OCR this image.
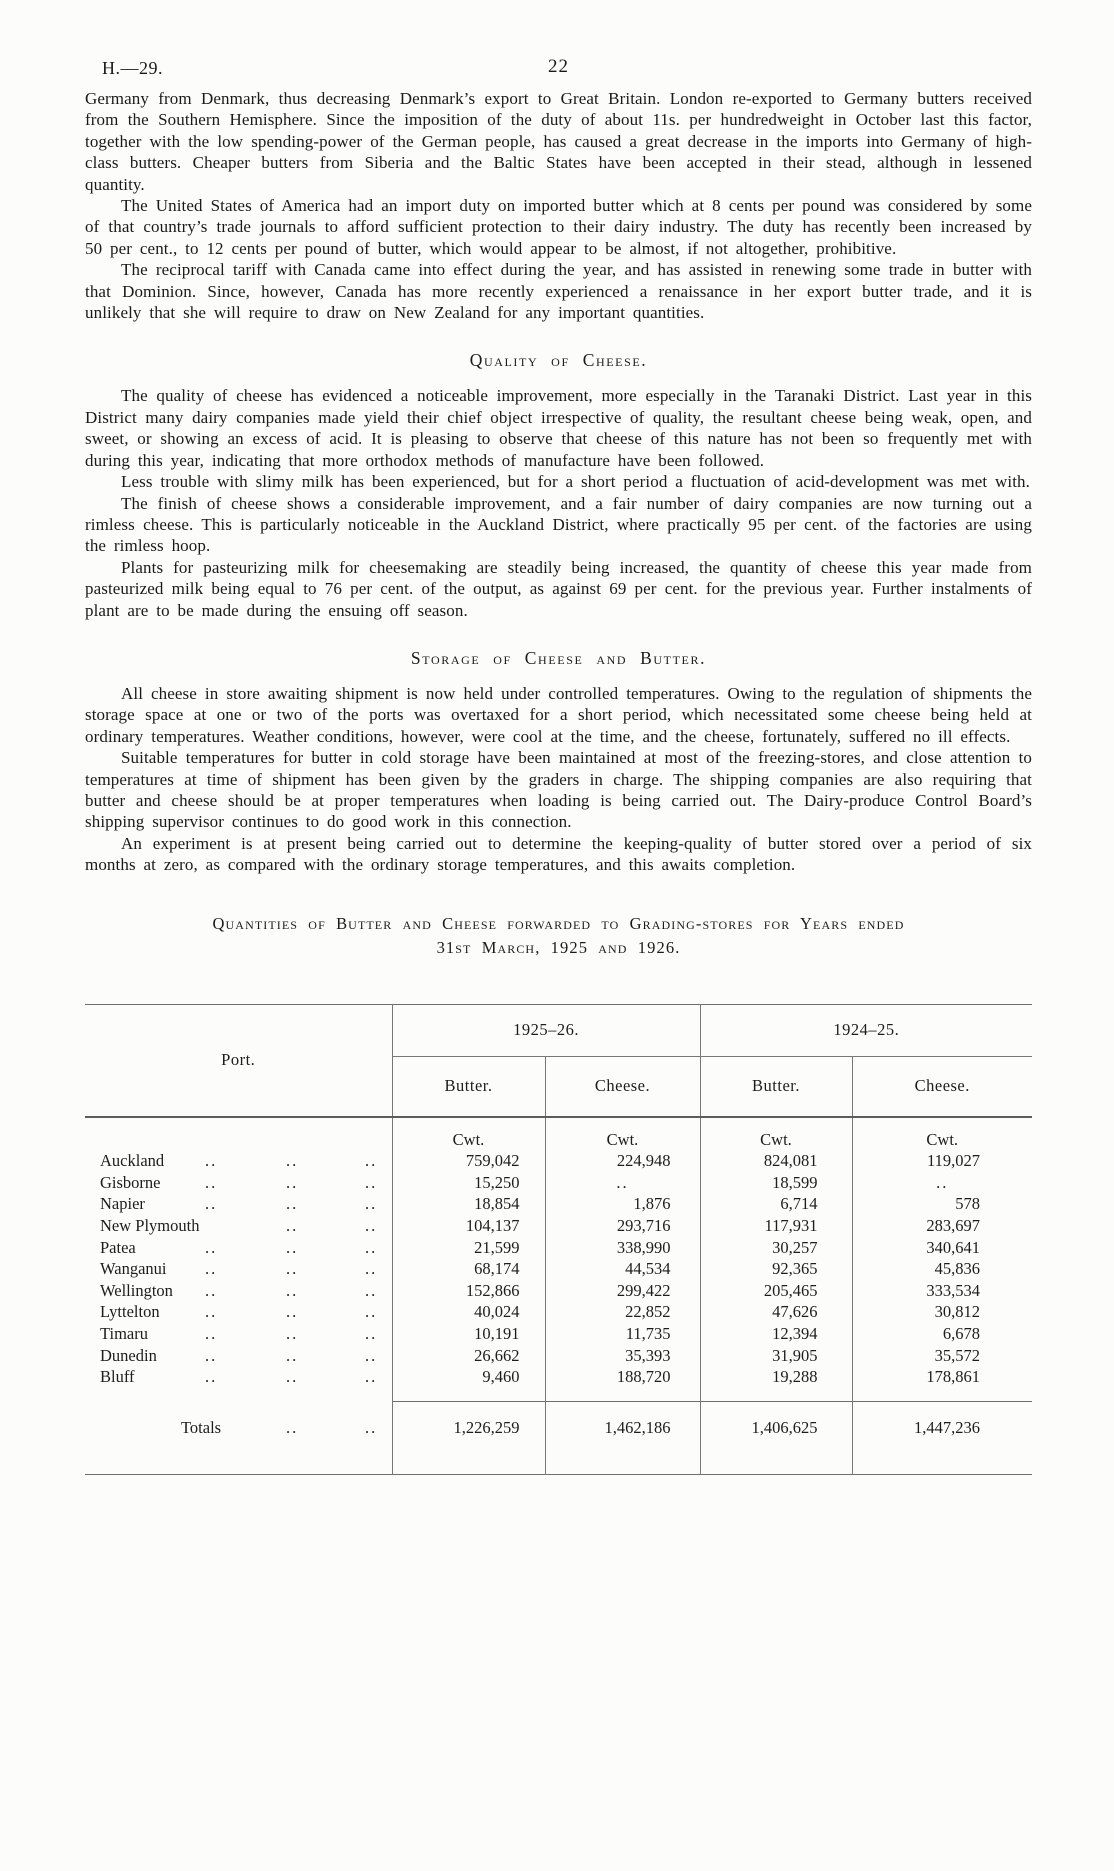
H.—29.	22

Germany from Denmark, thus decreasing Denmark’s export to Great Britain. London re-exported to Germany butters received from the Southern Hemisphere. Since the imposition of the duty of about 11s. per hundredweight in October last this factor, together with the low spending-power of the German people, has caused a great decrease in the imports into Germany of high-class butters. Cheaper butters from Siberia and the Baltic States have been accepted in their stead, although in lessened quantity.

The United States of America had an import duty on imported butter which at 8 cents per pound was considered by some of that country’s trade journals to afford sufficient protection to their dairy industry. The duty has recently been increased by 50 per cent., to 12 cents per pound of butter, which would appear to be almost, if not altogether, prohibitive.

The reciprocal tariff with Canada came into effect during the year, and has assisted in renewing some trade in butter with that Dominion. Since, however, Canada has more recently experienced a renaissance in her export butter trade, and it is unlikely that she will require to draw on New Zealand for any important quantities.

Quality of Cheese.

The quality of cheese has evidenced a noticeable improvement, more especially in the Taranaki District. Last year in this District many dairy companies made yield their chief object irrespective of quality, the resultant cheese being weak, open, and sweet, or showing an excess of acid. It is pleasing to observe that cheese of this nature has not been so frequently met with during this year, indicating that more orthodox methods of manufacture have been followed.

Less trouble with slimy milk has been experienced, but for a short period a fluctuation of acid-development was met with.

The finish of cheese shows a considerable improvement, and a fair number of dairy companies are now turning out a rimless cheese. This is particularly noticeable in the Auckland District, where practically 95 per cent. of the factories are using the rimless hoop.

Plants for pasteurizing milk for cheesemaking are steadily being increased, the quantity of cheese this year made from pasteurized milk being equal to 76 per cent. of the output, as against 69 per cent. for the previous year. Further instalments of plant are to be made during the ensuing off season.

Storage of Cheese and Butter.

All cheese in store awaiting shipment is now held under controlled temperatures. Owing to the regulation of shipments the storage space at one or two of the ports was overtaxed for a short period, which necessitated some cheese being held at ordinary temperatures. Weather conditions, however, were cool at the time, and the cheese, fortunately, suffered no ill effects.

Suitable temperatures for butter in cold storage have been maintained at most of the freezing-stores, and close attention to temperatures at time of shipment has been given by the graders in charge. The shipping companies are also requiring that butter and cheese should be at proper temperatures when loading is being carried out. The Dairy-produce Control Board’s shipping supervisor continues to do good work in this connection.

An experiment is at present being carried out to determine the keeping-quality of butter stored over a period of six months at zero, as compared with the ordinary storage temperatures, and this awaits completion.

Quantities of Butter and Cheese forwarded to Grading-stores for Years ended
31st March, 1925 and 1926.
Port.	1925–26.		1924–25.	
	Butter.	Cheese.	Butter.	Cheese.
	Cwt.	Cwt.	Cwt.	Cwt.
Auckland .. .. ..	759,042	224,948	824,081	119,027
Gisborne .. .. ..	15,250	..	18,599	..
Napier .. .. ..	18,854	1,876	6,714	578
New Plymouth .. ..	104,137	293,716	117,931	283,697
Patea .. .. ..	21,599	338,990	30,257	340,641
Wanganui .. .. ..	68,174	44,534	92,365	45,836
Wellington .. .. ..	152,866	299,422	205,465	333,534
Lyttelton .. .. ..	40,024	22,852	47,626	30,812
Timaru .. .. ..	10,191	11,735	12,394	6,678
Dunedin .. .. ..	26,662	35,393	31,905	35,572
Bluff .. .. ..	9,460	188,720	19,288	178,861
Totals .. ..	1,226,259	1,462,186	1,406,625	1,447,236
